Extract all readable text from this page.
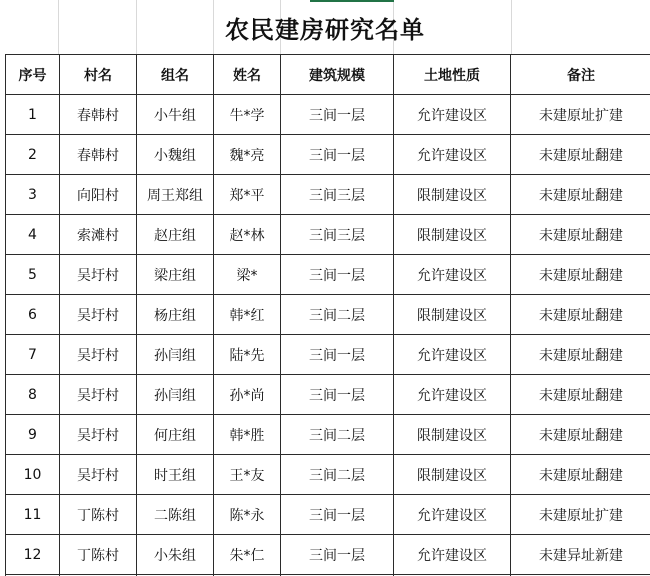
农民建房研究名单
序号	村名	组名	姓名	建筑规模	土地性质	备注
1	春韩村	小牛组	牛*学	三间一层	允许建设区	未建原址扩建
2	春韩村	小魏组	魏*亮	三间一层	允许建设区	未建原址翻建
3	向阳村	周王郑组	郑*平	三间三层	限制建设区	未建原址翻建
4	索滩村	赵庄组	赵*林	三间三层	限制建设区	未建原址翻建
5	吴圩村	梁庄组	梁*	三间一层	允许建设区	未建原址翻建
6	吴圩村	杨庄组	韩*红	三间二层	限制建设区	未建原址翻建
7	吴圩村	孙闫组	陆*先	三间一层	允许建设区	未建原址翻建
8	吴圩村	孙闫组	孙*尚	三间一层	允许建设区	未建原址翻建
9	吴圩村	何庄组	韩*胜	三间二层	限制建设区	未建原址翻建
10	吴圩村	时王组	王*友	三间二层	限制建设区	未建原址翻建
11	丁陈村	二陈组	陈*永	三间一层	允许建设区	未建原址扩建
12	丁陈村	小朱组	朱*仁	三间一层	允许建设区	未建异址新建
